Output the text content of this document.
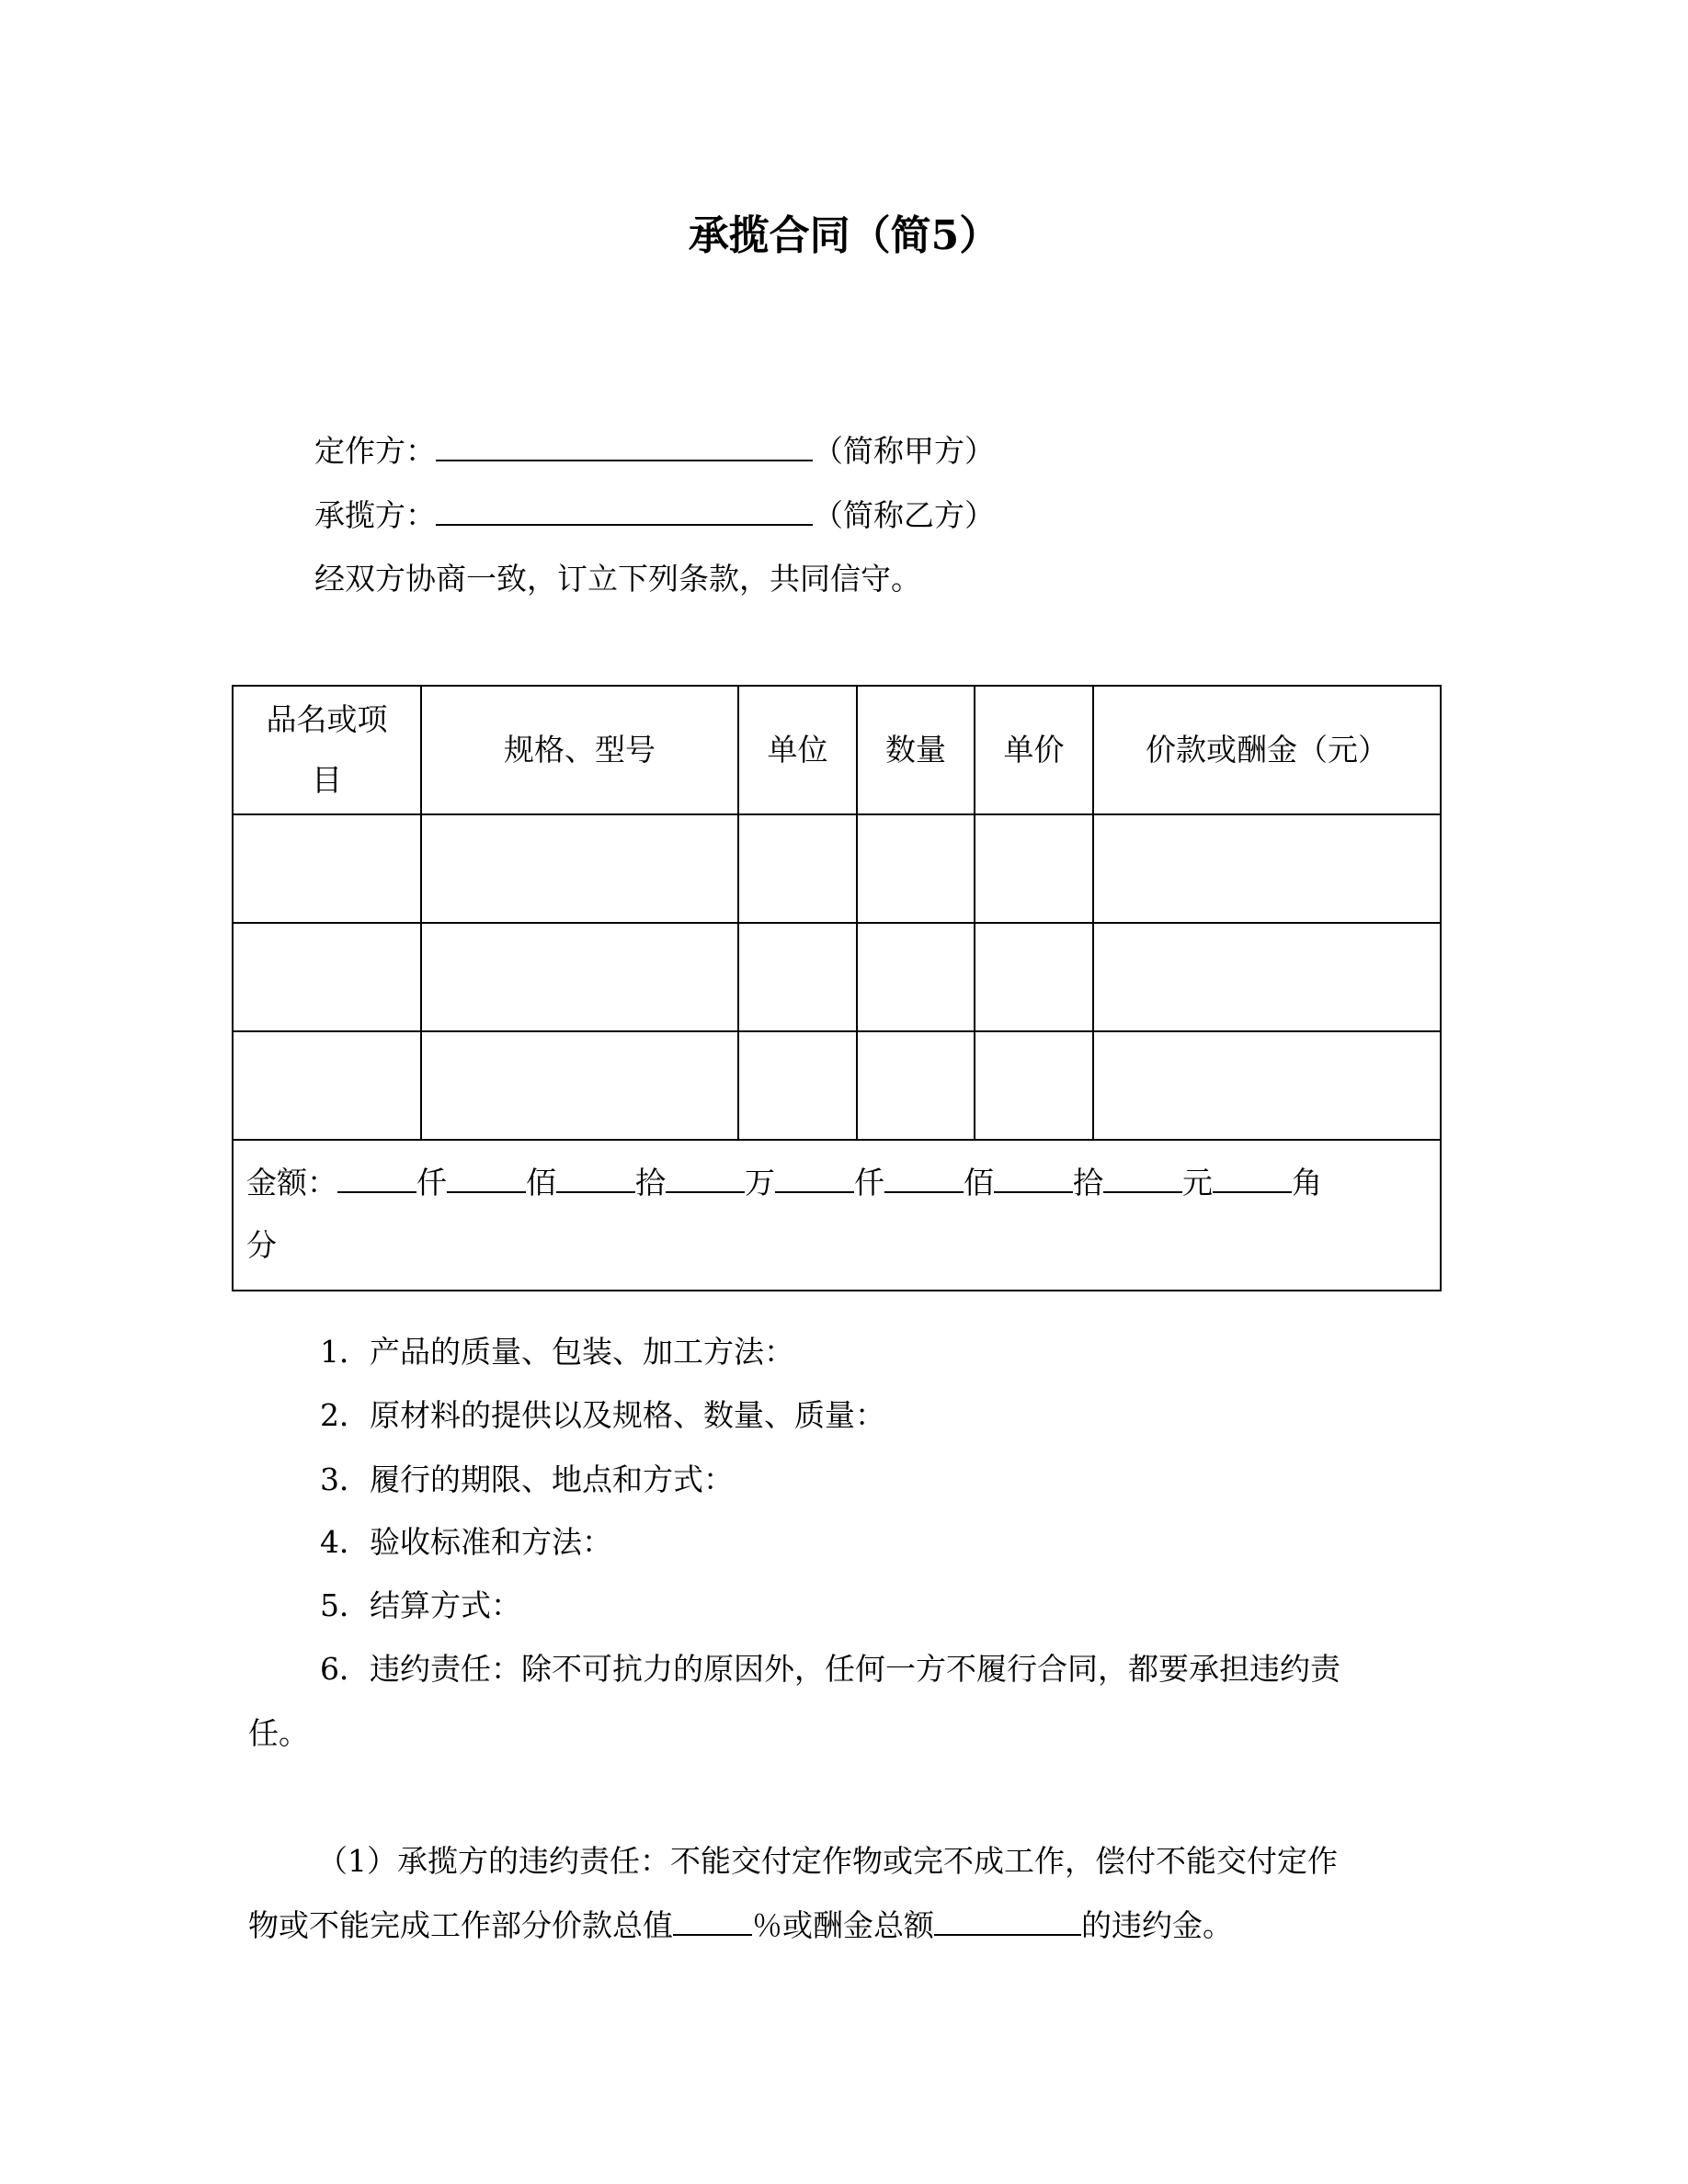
承揽合同（简5）
定作方：	（简称甲方）
承揽方：	（简称乙方）
经双方协商一致，订立下列条款，共同信守。
品名或项目	规格、型号	单位	数量	单价	价款或酬金（元）

金额： 仟 佰 拾 万 仟 佰 拾 元 角
分					
1．产品的质量、包装、加工方法：
2．原材料的提供以及规格、数量、质量：
3．履行的期限、地点和方式：
4．验收标准和方法：
5．结算方式：
6．违约责任：除不可抗力的原因外，任何一方不履行合同，都要承担违约责
任。
（1）承揽方的违约责任：不能交付定作物或完不成工作，偿付不能交付定作
物或不能完成工作部分价款总值	％或酬金总额	的违约金。
